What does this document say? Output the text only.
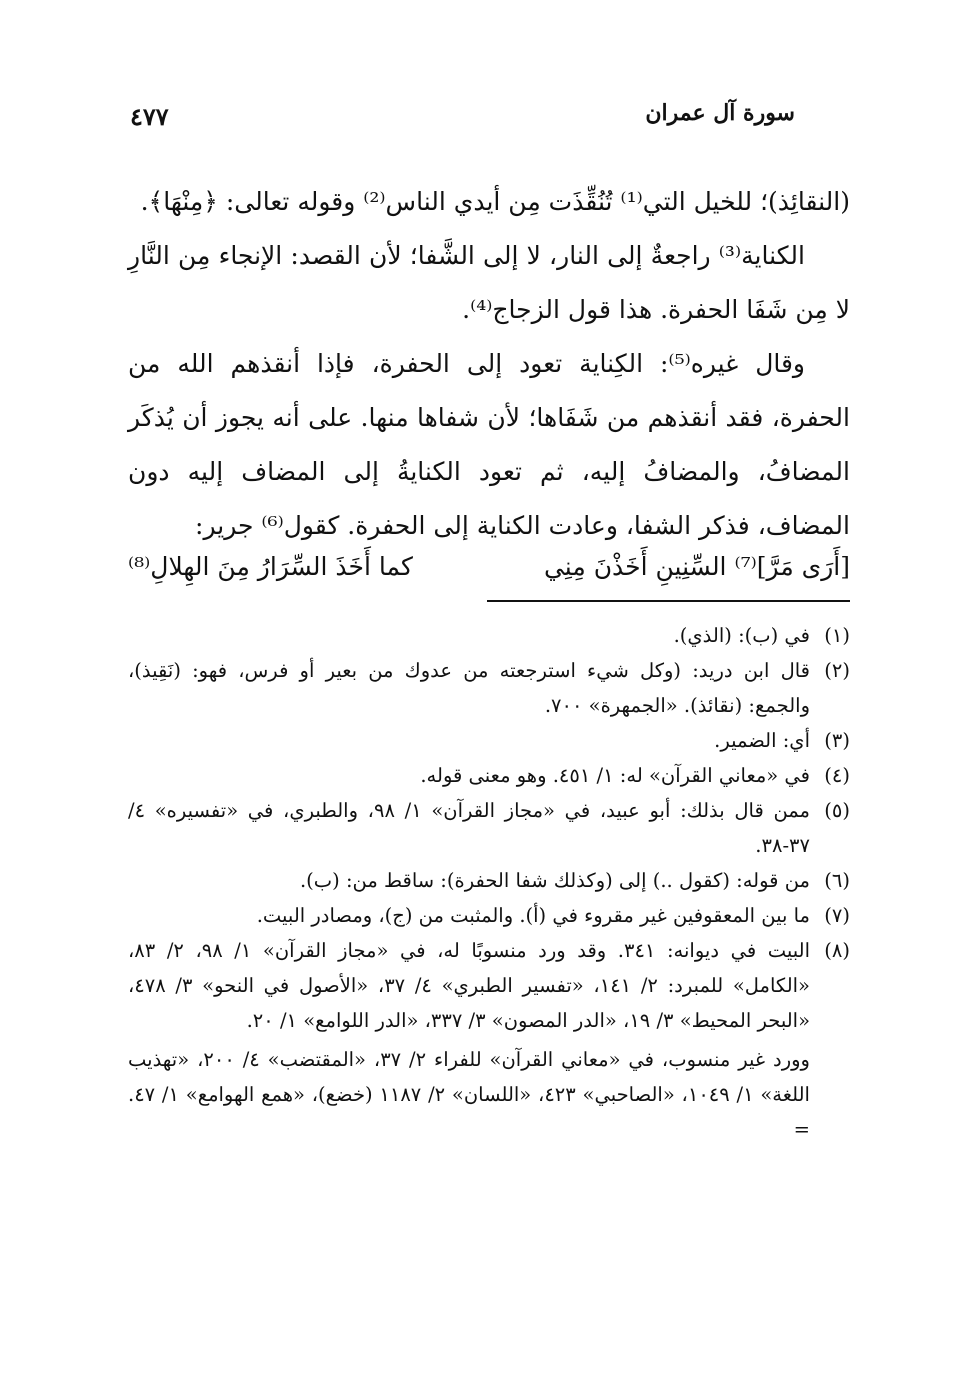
سورة آل عمران
٤٧٧

(النقائِذ)؛ للخيل التي⁽¹⁾ تُنُقِّذَت مِن أيدي الناس⁽²⁾ وقوله تعالى: ﴿مِنْهَا﴾.

الكناية⁽³⁾ راجعةٌ إلى النار، لا إلى الشَّفا؛ لأن القصد: الإنجاء مِن النَّارِ لا مِن شَفَا الحفرة. هذا قول الزجاج⁽⁴⁾.

وقال غيره⁽⁵⁾: الكِناية تعود إلى الحفرة، فإذا أنقذهم الله من الحفرة، فقد أنقذهم من شَفَاها؛ لأن شفاها منها. على أنه يجوز أن يُذكَر المضافُ، والمضافُ إليه، ثم تعود الكنايةُ إلى المضاف إليه دون المضاف، فذكر الشفا، وعادت الكناية إلى الحفرة. كقول⁽⁶⁾ جرير:

[أَرَى مَرَّ]⁽⁷⁾ السِّنِينِ أَخَذْنَ مِنِي
كما أَخَذَ السِّرَارُ مِنَ الهِلالِ⁽⁸⁾
(١)
في (ب): (الذي).
(٢)
قال ابن دريد: (وكل شيء استرجعته من عدوك من بعير أو فرس، فهو: (نَقِيذ)، والجمع: (نقائذ). «الجمهرة» ٧٠٠.
(٣)
أي: الضمير.
(٤)
في «معاني القرآن» له: ١/ ٤٥١. وهو معنى قوله.
(٥)
ممن قال بذلك: أبو عبيد، في «مجاز القرآن» ١/ ٩٨، والطبري، في «تفسيره» ٤/ ٣٧-٣٨.
(٦)
من قوله: (كقول ..) إلى (وكذلك شفا الحفرة): ساقط من: (ب).
(٧)
ما بين المعقوفين غير مقروء في (أ). والمثبت من (ج)، ومصادر البيت.
(٨)
البيت في ديوانه: ٣٤١. وقد ورد منسوبًا له، في «مجاز القرآن» ١/ ٩٨، ٢/ ٨٣، «الكامل» للمبرد: ٢/ ١٤١، «تفسير الطبري» ٤/ ٣٧، «الأصول في النحو» ٣/ ٤٧٨، «البحر المحيط» ٣/ ١٩، «الدر المصون» ٣/ ٣٣٧، «الدر اللوامع» ١/ ٢٠.
وورد غير منسوب، في «معاني القرآن» للفراء ٢/ ٣٧، «المقتضب» ٤/ ٢٠٠، «تهذيب اللغة» ١/ ١٠٤٩، «الصاحبي» ٤٢٣، «اللسان» ٢/ ١١٨٧ (خضع)، «همع الهوامع» ١/ ٤٧. =
